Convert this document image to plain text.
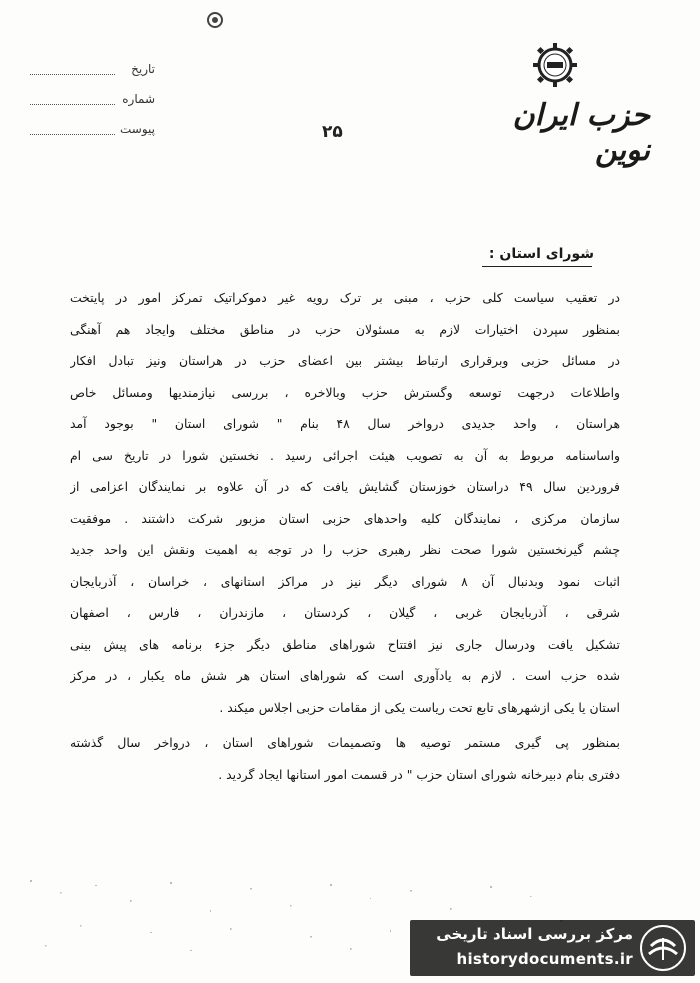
تاریخ
شماره
پیوست	۲۵	حزب ایران نوین
شورای استان :
در تعقیب سیاست کلی حزب ، مبنی بر ترک رویه غیر دموکراتیک تمرکز امور در پایتخت
بمنظور سپردن اختیارات لازم به مسئولان حزب در مناطق مختلف وایجاد هم آهنگی
در مسائل حزبی وبرقراری ارتباط بیشتر بین اعضای حزب در هراستان ونیز تبادل افکار
واطلاعات درجهت توسعه وگسترش حزب وبالاخره ، بررسی نیازمندیها ومسائل خاص
هراستان ، واحد جدیدی درواخر سال ۴۸ بنام " شورای استان " بوجود آمد
واساسنامه مربوط به آن به تصویب هیئت اجرائی رسید . نخستین شورا در تاریخ سی ام
فروردین سال ۴۹ دراستان خوزستان گشایش یافت که در آن علاوه بر نمایندگان اعزامی از
سازمان مرکزی ، نمایندگان کلیه واحدهای حزبی استان مزبور شرکت داشتند . موفقیت
چشم گیرنخستین شورا صحت نظر رهبری حزب را در توجه به اهمیت ونقش این واحد جدید
اثبات نمود وبدنبال آن ۸ شورای دیگر نیز در مراکز استانهای ، خراسان ، آذربایجان
شرقی ، آذربایجان غربی ، گیلان ، کردستان ، مازندران ، فارس ، اصفهان
تشکیل یافت ودرسال جاری نیز افتتاح شوراهای مناطق دیگر جزء برنامه های پیش بینی
شده حزب است . لازم به یادآوری است که شوراهای استان هر شش ماه یکبار ، در مرکز
استان یا یکی ازشهرهای تابع تحت ریاست یکی از مقامات حزبی اجلاس میکند .
بمنظور پی گیری مستمر توصیه ها وتصمیمات شوراهای استان ، درواخر سال گذشته
دفتری بنام دبیرخانه شورای استان حزب " در قسمت امور استانها ایجاد گردید .
مرکز بررسی اسناد تاریخی
historydocuments.ir
